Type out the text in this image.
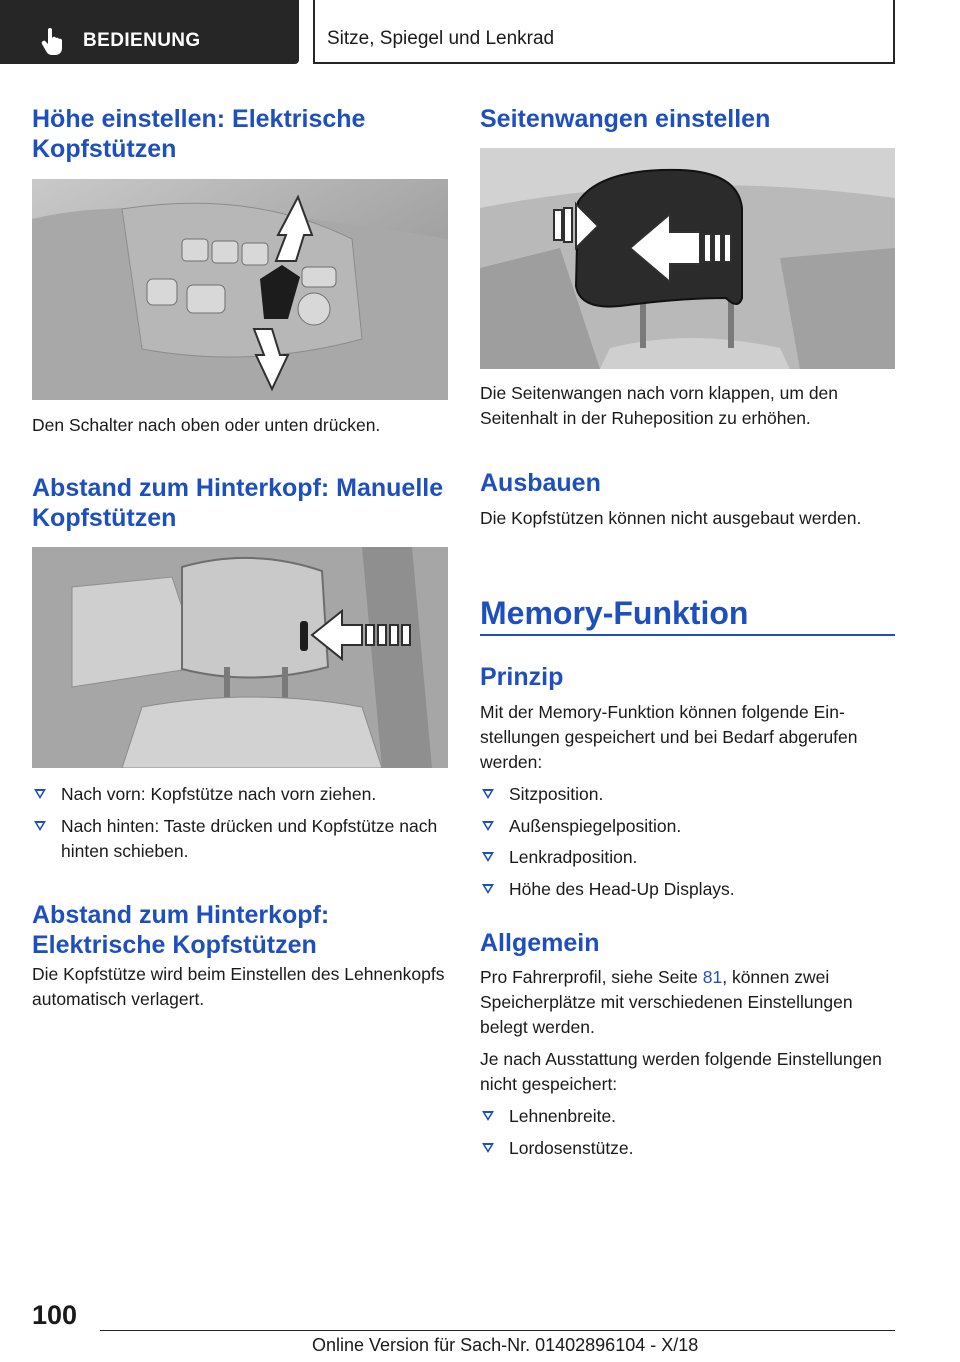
BEDIENUNG	Sitze, Spiegel und Lenkrad
Höhe einstellen: Elektrische Kopfstützen

Den Schalter nach oben oder unten drücken.

Abstand zum Hinterkopf: Manuelle Kopfstützen
Nach vorn: Kopfstütze nach vorn ziehen.
Nach hinten: Taste drücken und Kopfstütze nach hinten schieben.
Abstand zum Hinterkopf: Elektrische Kopfstützen

Die Kopfstütze wird beim Einstellen des Lehnenkopfs automatisch verlagert.

Seitenwangen einstellen

Die Seitenwangen nach vorn klappen, um den Seitenhalt in der Ruheposition zu erhöhen.

Ausbauen

Die Kopfstützen können nicht ausgebaut werden.

Memory-Funktion
Prinzip

Mit der Memory-Funktion können folgende Einstellungen gespeichert und bei Bedarf abgerufen werden:

Sitzposition.
Außenspiegelposition.
Lenkradposition.
Höhe des Head-Up Displays.
Allgemein

Pro Fahrerprofil, siehe Seite 81, können zwei Speicherplätze mit verschiedenen Einstellungen belegt werden.

Je nach Ausstattung werden folgende Einstellungen nicht gespeichert:

Lehnenbreite.
Lordosenstütze.
100
Online Version für Sach-Nr. 01402896104 - X/18
